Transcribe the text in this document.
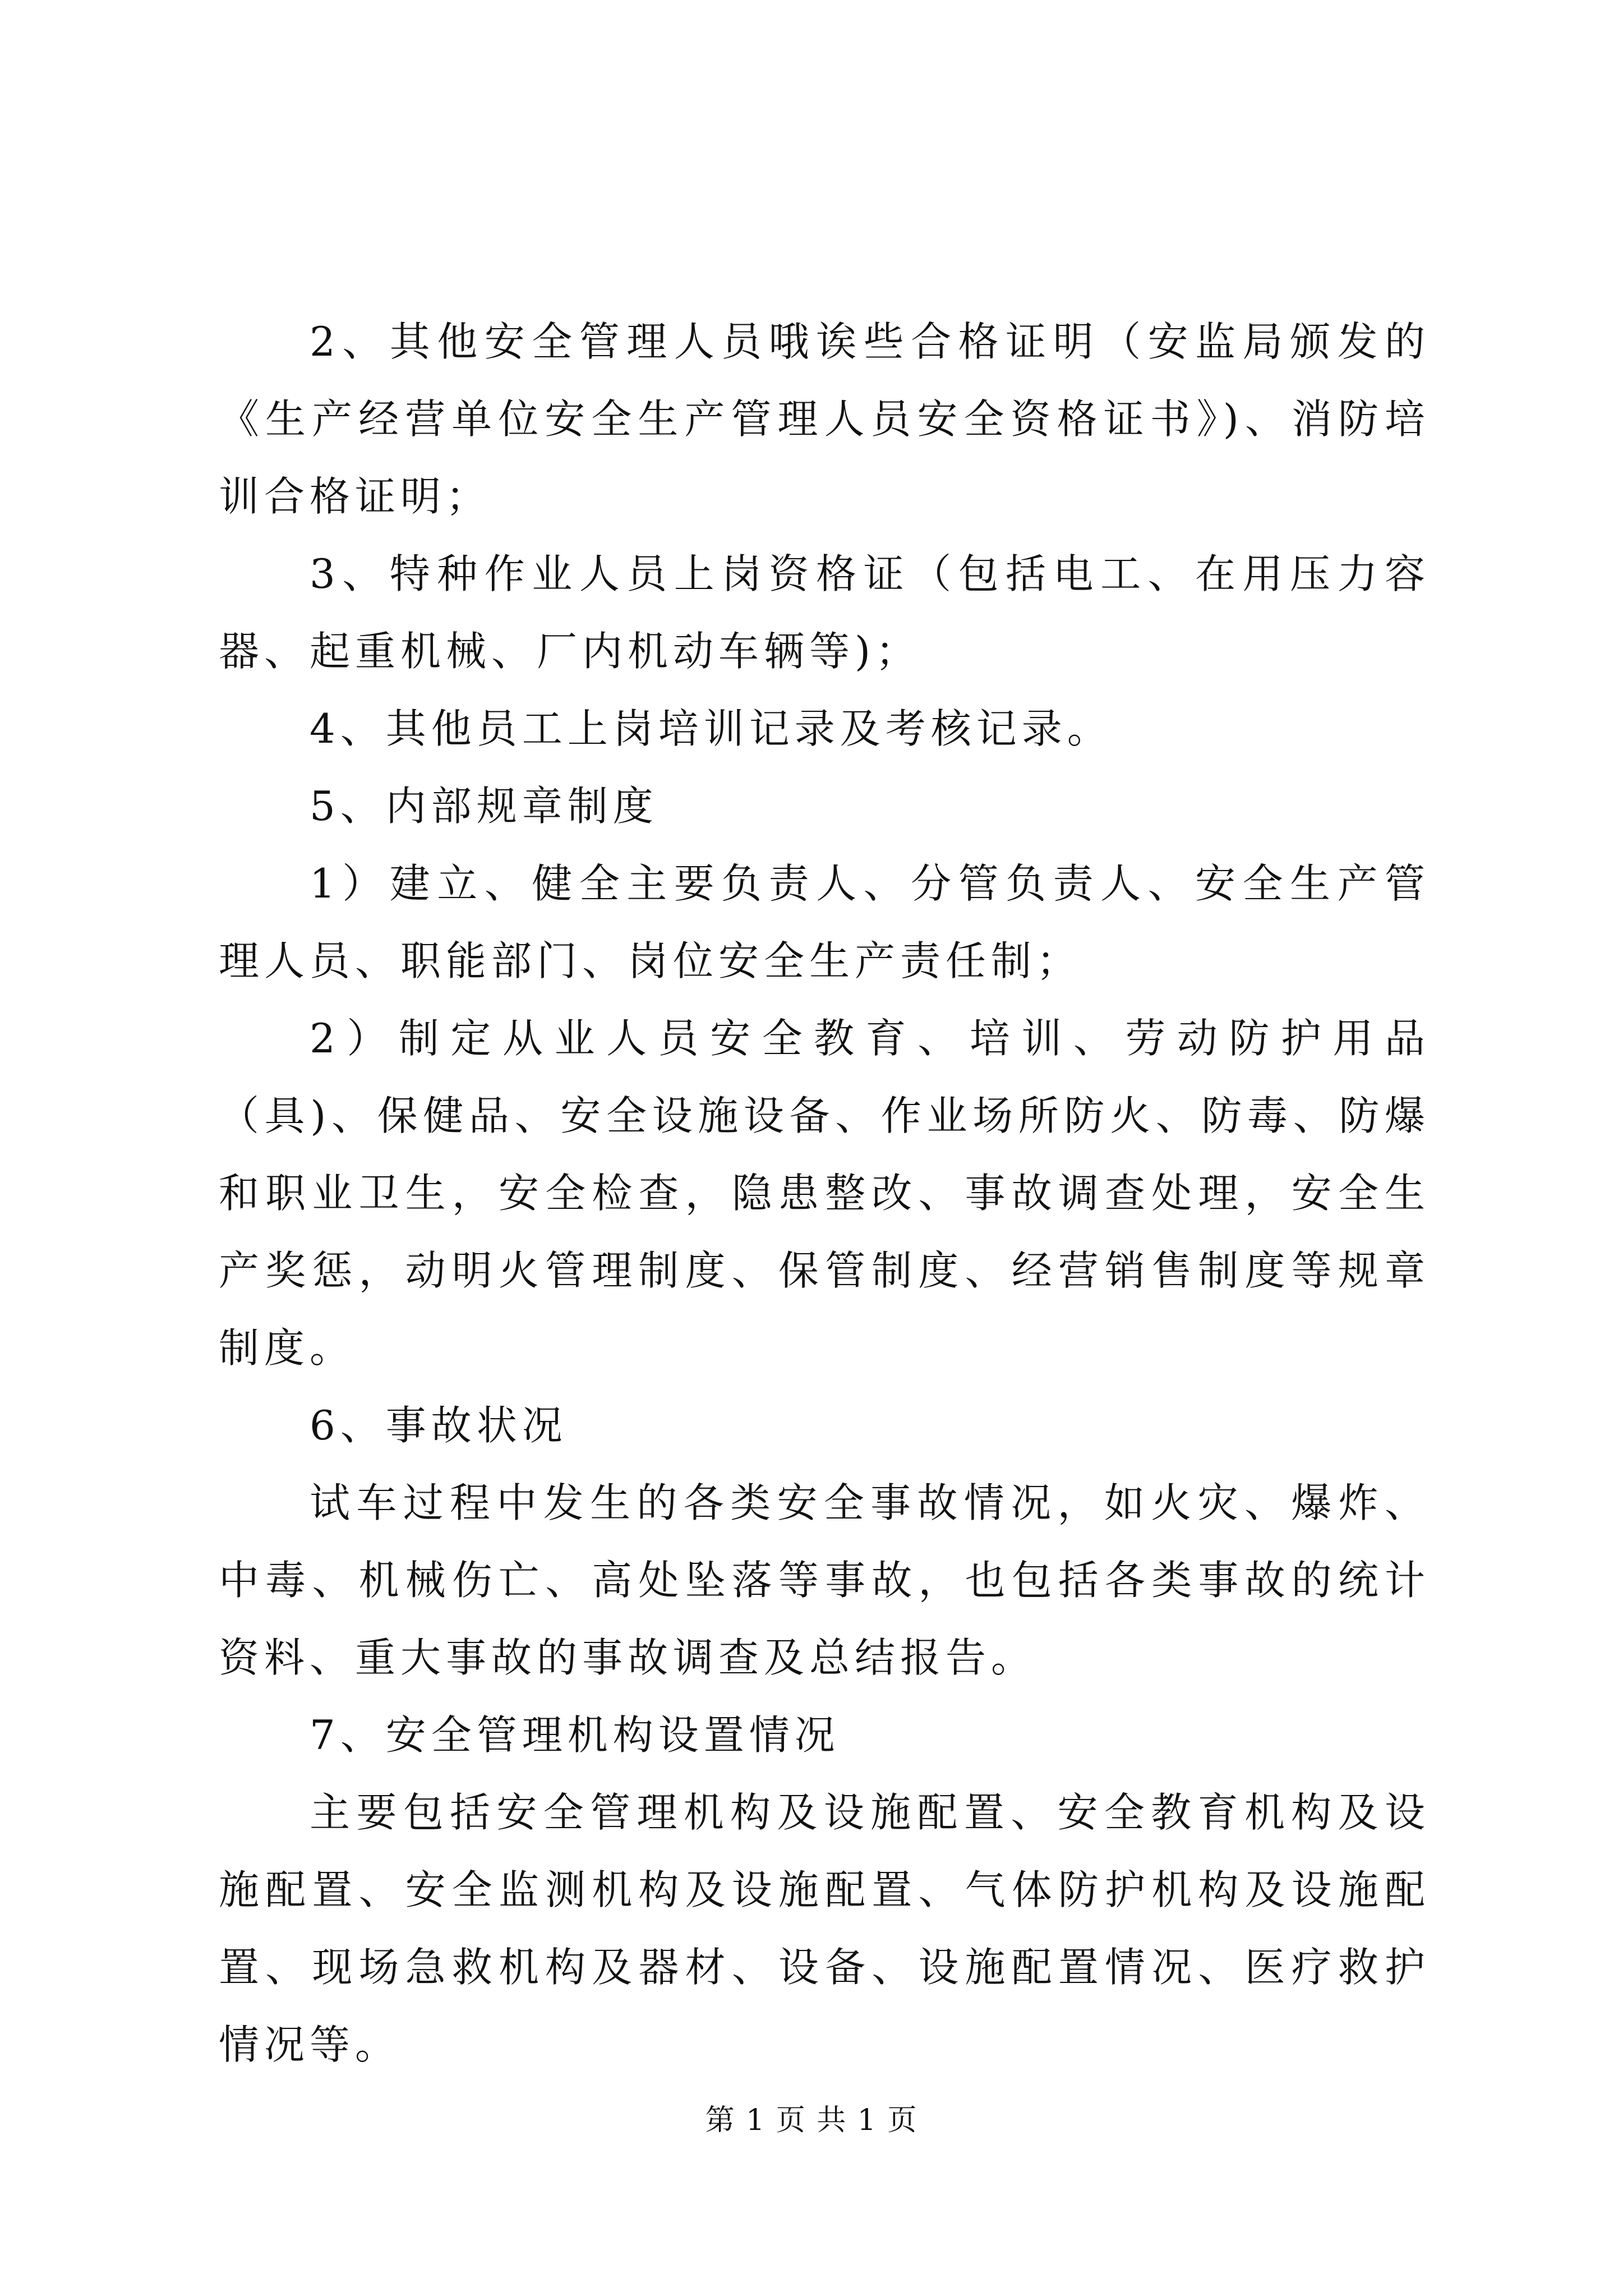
2、其他安全管理人员哦诶些合格证明（安监局颁发的《生产经营单位安全生产管理人员安全资格证书》)、消防培训合格证明；

3、特种作业人员上岗资格证（包括电工、在用压力容器、起重机械、厂内机动车辆等)；

4、其他员工上岗培训记录及考核记录。

5、内部规章制度

1）建立、健全主要负责人、分管负责人、安全生产管理人员、职能部门、岗位安全生产责任制；

2）制定从业人员安全教育、培训、劳动防护用品（具)、保健品、安全设施设备、作业场所防火、防毒、防爆和职业卫生，安全检查，隐患整改、事故调查处理，安全生产奖惩，动明火管理制度、保管制度、经营销售制度等规章制度。

6、事故状况

试车过程中发生的各类安全事故情况，如火灾、爆炸、中毒、机械伤亡、高处坠落等事故，也包括各类事故的统计资料、重大事故的事故调查及总结报告。

7、安全管理机构设置情况

主要包括安全管理机构及设施配置、安全教育机构及设施配置、安全监测机构及设施配置、气体防护机构及设施配置、现场急救机构及器材、设备、设施配置情况、医疗救护情况等。

第 1 页 共 1 页
